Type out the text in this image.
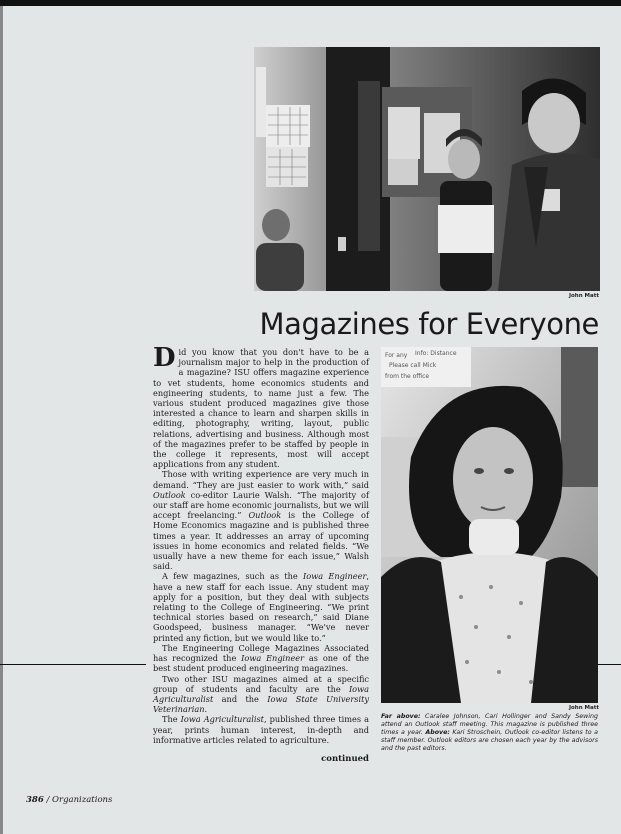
John Matt
Magazines for Everyone

Did you know that you don't have to be a journalism major to help in the production of a magazine? ISU offers magazine experience to vet students, home economics students and engineering students, to name just a few. The various student produced magazines give those interested a chance to learn and sharpen skills in editing, photography, writing, layout, public relations, advertising and business. Although most of the magazines prefer to be staffed by people in the college it represents, most will accept applications from any student.

Those with writing experience are very much in demand. “They are just easier to work with,” said Outlook co-editor Laurie Walsh. “The majority of our staff are home economic journalists, but we will accept freelancing.” Outlook is the College of Home Economics magazine and is published three times a year. It addresses an array of upcoming issues in home economics and related fields. “We usually have a new theme for each issue,” Walsh said.

A few magazines, such as the Iowa Engineer, have a new staff for each issue. Any student may apply for a position, but they deal with subjects relating to the College of Engineering. “We print technical stories based on research,” said Diane Goodspeed, business manager. “We've never printed any fiction, but we would like to.”

The Engineering College Magazines Associated has recognized the Iowa Engineer as one of the best student produced engineering magazines.

Two other ISU magazines aimed at a specific group of students and faculty are the Iowa Agriculturalist and the Iowa State University Veterinarian.

The Iowa Agriculturalist, published three times a year, prints human interest, in-depth and informative articles related to agriculture.

continued
For any Info: Distance
Please call Mick
from the office
John Matt

Far above: Caralee Johnson, Cari Hollinger and Sandy Sewing attend an Outlook staff meeting. This magazine is published three times a year. Above: Kari Stroschein, Outlook co-editor listens to a staff member. Outlook editors are chosen each year by the advisors and the past editors.

386 / Organizations
